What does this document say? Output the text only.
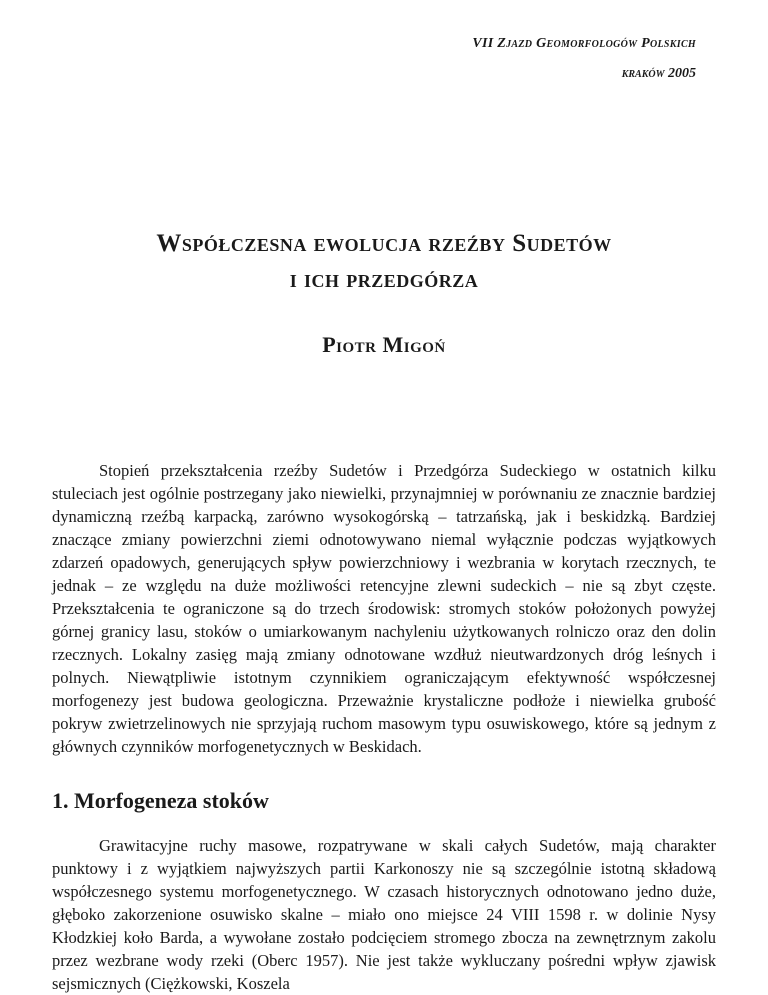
VII Zjazd Geomorfologów Polskich
kraków 2005
Współczesna ewolucja rzeźby Sudetów
i ich przedgórza
Piotr Migoń

Stopień przekształcenia rzeźby Sudetów i Przedgórza Sudeckiego w ostatnich kilku stuleciach jest ogólnie postrzegany jako niewielki, przynajmniej w porównaniu ze znacznie bardziej dynamiczną rzeźbą karpacką, zarówno wysokogórską – tatrzańską, jak i beskidzką. Bardziej znaczące zmiany powierzchni ziemi odnotowywano niemal wyłącznie podczas wyjątkowych zdarzeń opadowych, generujących spływ powierzchniowy i wezbrania w korytach rzecznych, te jednak – ze względu na duże możliwości retencyjne zlewni sudeckich – nie są zbyt częste. Przekształcenia te ograniczone są do trzech środowisk: stromych stoków położonych powyżej górnej granicy lasu, stoków o umiarkowanym nachyleniu użytkowanych rolniczo oraz den dolin rzecznych. Lokalny zasięg mają zmiany odnotowane wzdłuż nieutwardzonych dróg leśnych i polnych. Niewątpliwie istotnym czynnikiem ograniczającym efektywność współczesnej morfogenezy jest budowa geologiczna. Przeważnie krystaliczne podłoże i niewielka grubość pokryw zwietrzelinowych nie sprzyjają ruchom masowym typu osuwiskowego, które są jednym z głównych czynników morfogenetycznych w Beskidach.

1. Morfogeneza stoków

Grawitacyjne ruchy masowe, rozpatrywane w skali całych Sudetów, mają charakter punktowy i z wyjątkiem najwyższych partii Karkonoszy nie są szczególnie istotną składową współczesnego systemu morfogenetycznego. W czasach historycznych odnotowano jedno duże, głęboko zakorzenione osuwisko skalne – miało ono miejsce 24 VIII 1598 r. w dolinie Nysy Kłodzkiej koło Barda, a wywołane zostało podcięciem stromego zbocza na zewnętrznym zakolu przez wezbrane wody rzeki (Oberc 1957). Nie jest także wykluczany pośredni wpływ zjawisk sejsmicznych (Ciężkowski, Koszela
